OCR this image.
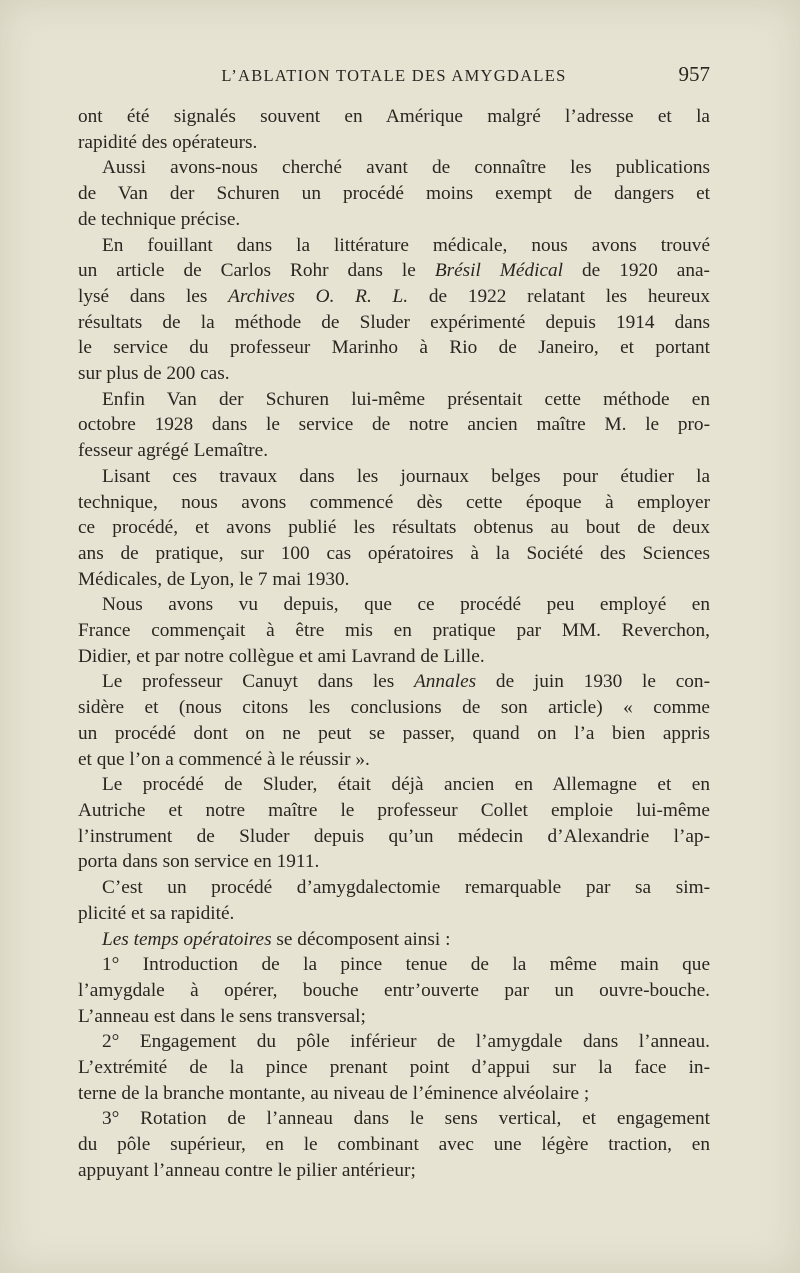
L’ABLATION TOTALE DES AMYGDALES	957

ont été signalés souvent en Amérique malgré l’adresse et la
rapidité des opérateurs.

Aussi avons-nous cherché avant de connaître les publications
de Van der Schuren un procédé moins exempt de dangers et
de technique précise.

En fouillant dans la littérature médicale, nous avons trouvé
un article de Carlos Rohr dans le Brésil Médical de 1920 ana-
lysé dans les Archives O. R. L. de 1922 relatant les heureux
résultats de la méthode de Sluder expérimenté depuis 1914 dans
le service du professeur Marinho à Rio de Janeiro, et portant
sur plus de 200 cas.

Enfin Van der Schuren lui-même présentait cette méthode en
octobre 1928 dans le service de notre ancien maître M. le pro-
fesseur agrégé Lemaître.

Lisant ces travaux dans les journaux belges pour étudier la
technique, nous avons commencé dès cette époque à employer
ce procédé, et avons publié les résultats obtenus au bout de deux
ans de pratique, sur 100 cas opératoires à la Société des Sciences
Médicales, de Lyon, le 7 mai 1930.

Nous avons vu depuis, que ce procédé peu employé en
France commençait à être mis en pratique par MM. Reverchon,
Didier, et par notre collègue et ami Lavrand de Lille.

Le professeur Canuyt dans les Annales de juin 1930 le con-
sidère et (nous citons les conclusions de son article) « comme
un procédé dont on ne peut se passer, quand on l’a bien appris
et que l’on a commencé à le réussir ».

Le procédé de Sluder, était déjà ancien en Allemagne et en
Autriche et notre maître le professeur Collet emploie lui-même
l’instrument de Sluder depuis qu’un médecin d’Alexandrie l’ap-
porta dans son service en 1911.

C’est un procédé d’amygdalectomie remarquable par sa sim-
plicité et sa rapidité.

Les temps opératoires se décomposent ainsi :

1° Introduction de la pince tenue de la même main que
l’amygdale à opérer, bouche entr’ouverte par un ouvre-bouche.
L’anneau est dans le sens transversal;

2° Engagement du pôle inférieur de l’amygdale dans l’anneau.
L’extrémité de la pince prenant point d’appui sur la face in-
terne de la branche montante, au niveau de l’éminence alvéolaire ;

3° Rotation de l’anneau dans le sens vertical, et engagement
du pôle supérieur, en le combinant avec une légère traction, en
appuyant l’anneau contre le pilier antérieur;
